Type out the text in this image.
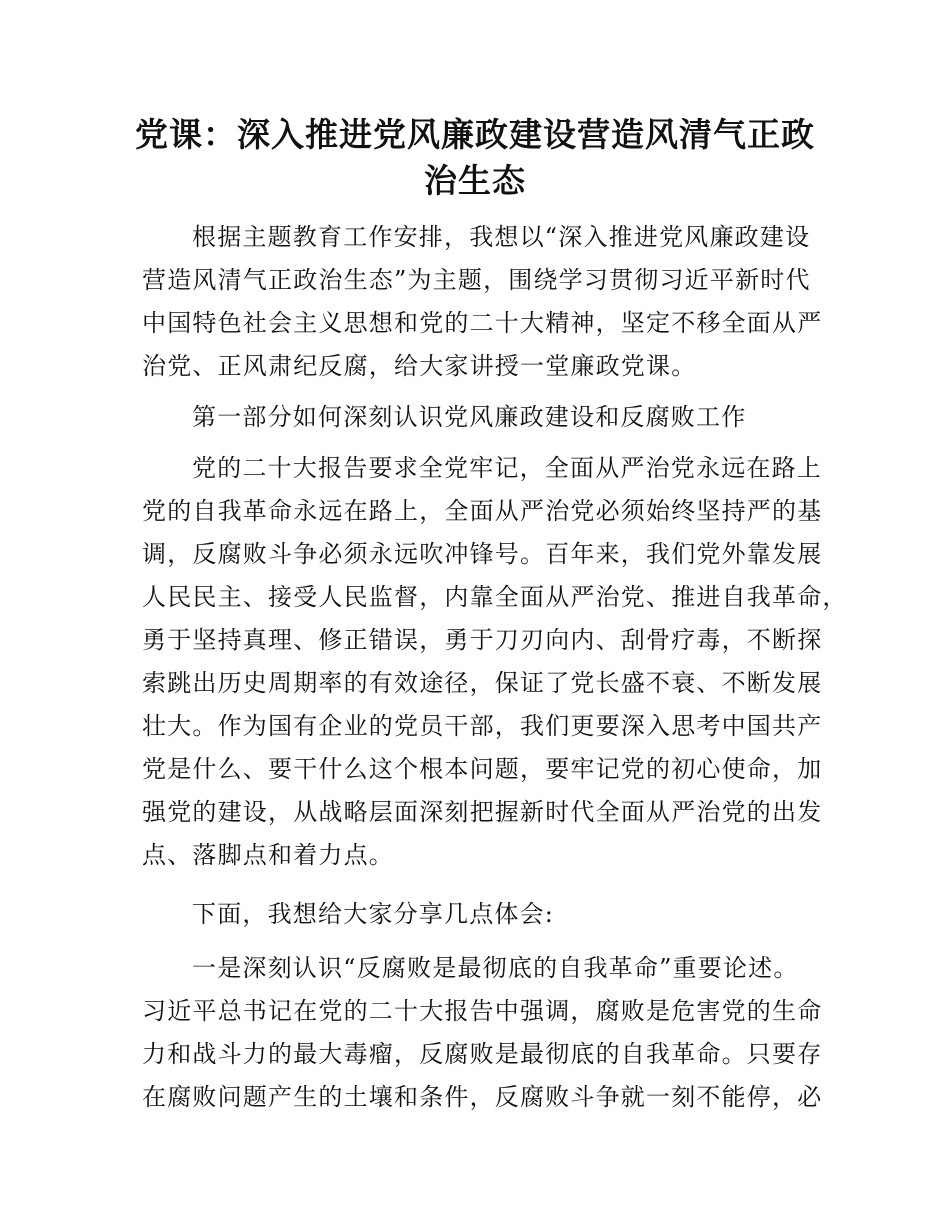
党课：深入推进党风廉政建设营造风清气正政
治生态

根据主题教育工作安排，我想以“深入推进党风廉政建设

营造风清气正政治生态”为主题，围绕学习贯彻习近平新时代

中国特色社会主义思想和党的二十大精神，坚定不移全面从严

治党、正风肃纪反腐，给大家讲授一堂廉政党课。

第一部分如何深刻认识党风廉政建设和反腐败工作

党的二十大报告要求全党牢记，全面从严治党永远在路上

党的自我革命永远在路上，全面从严治党必须始终坚持严的基

调，反腐败斗争必须永远吹冲锋号。百年来，我们党外靠发展

人民民主、接受人民监督，内靠全面从严治党、推进自我革命，

勇于坚持真理、修正错误，勇于刀刃向内、刮骨疗毒，不断探

索跳出历史周期率的有效途径，保证了党长盛不衰、不断发展

壮大。作为国有企业的党员干部，我们更要深入思考中国共产

党是什么、要干什么这个根本问题，要牢记党的初心使命，加

强党的建设，从战略层面深刻把握新时代全面从严治党的出发

点、落脚点和着力点。

下面，我想给大家分享几点体会:

一是深刻认识“反腐败是最彻底的自我革命”重要论述。

习近平总书记在党的二十大报告中强调，腐败是危害党的生命

力和战斗力的最大毒瘤，反腐败是最彻底的自我革命。只要存

在腐败问题产生的土壤和条件，反腐败斗争就一刻不能停，必
